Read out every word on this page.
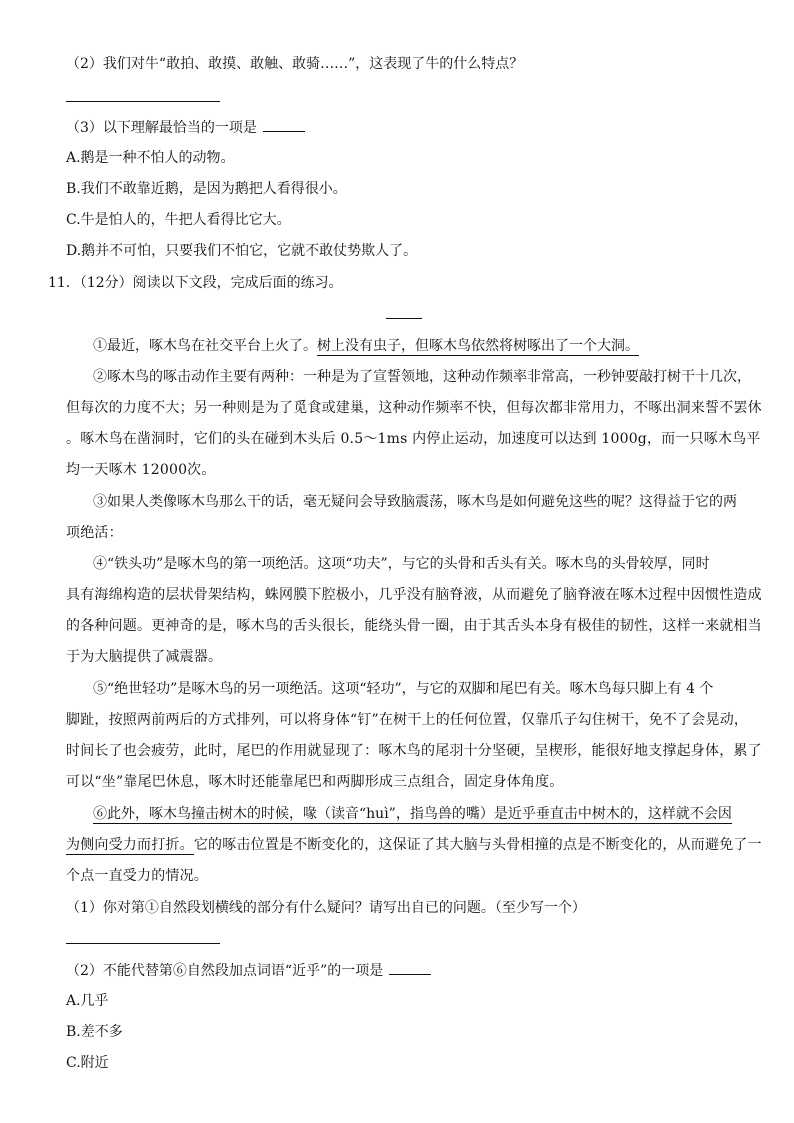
（2）我们对牛“敢拍、敢摸、敢触、敢骑……”，这表现了牛的什么特点？
（3）以下理解最恰当的一项是
A.鹅是一种不怕人的动物。
B.我们不敢靠近鹅，是因为鹅把人看得很小。
C.牛是怕人的，牛把人看得比它大。
D.鹅并不可怕，只要我们不怕它，它就不敢仗势欺人了。
11．（12分）阅读以下文段，完成后面的练习。
①最近，啄木鸟在社交平台上火了。树上没有虫子，但啄木鸟依然将树啄出了一个大洞。
②啄木鸟的啄击动作主要有两种：一种是为了宣誓领地，这种动作频率非常高，一秒钟要敲打树干十几次，
但每次的力度不大；另一种则是为了觅食或建巢，这种动作频率不快，但每次都非常用力，不啄出洞来誓不罢休
。啄木鸟在凿洞时，它们的头在碰到木头后 0.5～1ms 内停止运动，加速度可以达到 1000g，而一只啄木鸟平
均一天啄木 12000次。
③如果人类像啄木鸟那么干的话，毫无疑问会导致脑震荡，啄木鸟是如何避免这些的呢？这得益于它的两
项绝活：
④“铁头功”是啄木鸟的第一项绝活。这项“功夫”，与它的头骨和舌头有关。啄木鸟的头骨较厚，同时
具有海绵构造的层状骨架结构，蛛网膜下腔极小，几乎没有脑脊液，从而避免了脑脊液在啄木过程中因惯性造成
的各种问题。更神奇的是，啄木鸟的舌头很长，能绕头骨一圈，由于其舌头本身有极佳的韧性，这样一来就相当
于为大脑提供了减震器。
⑤“绝世轻功”是啄木鸟的另一项绝活。这项“轻功”，与它的双脚和尾巴有关。啄木鸟每只脚上有 4 个
脚趾，按照两前两后的方式排列，可以将身体“钉”在树干上的任何位置，仅靠爪子勾住树干，免不了会晃动，
时间长了也会疲劳，此时，尾巴的作用就显现了：啄木鸟的尾羽十分坚硬，呈楔形，能很好地支撑起身体，累了
可以“坐”靠尾巴休息，啄木时还能靠尾巴和两脚形成三点组合，固定身体角度。
⑥此外，啄木鸟撞击树木的时候，喙（读音“huì”，指鸟兽的嘴）是近乎垂直击中树木的，这样就不会因
为侧向受力而打折。它的啄击位置是不断变化的，这保证了其大脑与头骨相撞的点是不断变化的，从而避免了一
个点一直受力的情况。
（1）你对第①自然段划横线的部分有什么疑问？请写出自已的问题。（至少写一个）
（2）不能代替第⑥自然段加点词语“近乎”的一项是
A.几乎
B.差不多
C.附近
